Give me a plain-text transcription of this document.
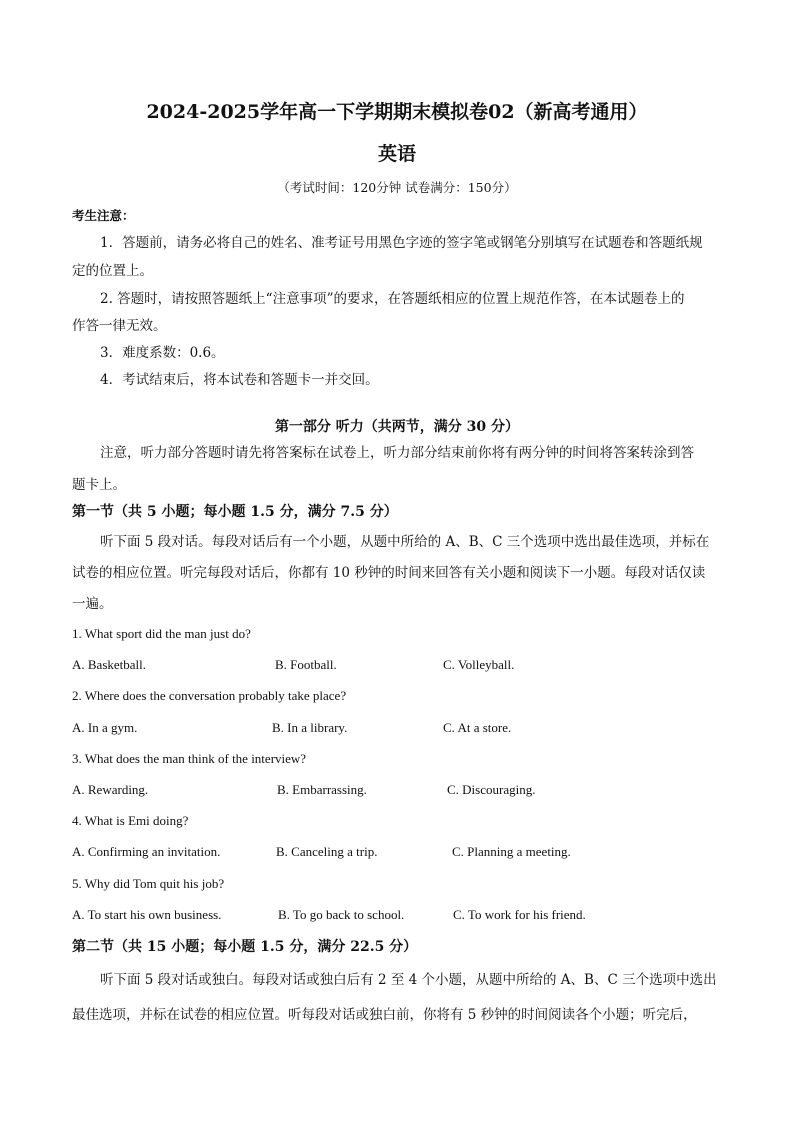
2024-2025学年高一下学期期末模拟卷02（新高考通用）
英语
（考试时间：120分钟 试卷满分：150分）
考生注意：
1．答题前，请务必将自己的姓名、准考证号用黑色字迹的签字笔或钢笔分别填写在试题卷和答题纸规
定的位置上。
2. 答题时，请按照答题纸上“注意事项”的要求，在答题纸相应的位置上规范作答，在本试题卷上的
作答一律无效。
3．难度系数：0.6。
4．考试结束后，将本试卷和答题卡一并交回。
第一部分 听力（共两节，满分 30 分）
注意，听力部分答题时请先将答案标在试卷上，听力部分结束前你将有两分钟的时间将答案转涂到答
题卡上。
第一节（共 5 小题；每小题 1.5 分，满分 7.5 分）
听下面 5 段对话。每段对话后有一个小题，从题中所给的 A、B、C 三个选项中选出最佳选项，并标在
试卷的相应位置。听完每段对话后，你都有 10 秒钟的时间来回答有关小题和阅读下一小题。每段对话仅读
一遍。
1. What sport did the man just do?
A. Basketball.	B. Football.	C. Volleyball.
2. Where does the conversation probably take place?
A. In a gym.	B. In a library.	C. At a store.
3. What does the man think of the interview?
A. Rewarding.	B. Embarrassing.	C. Discouraging.
4. What is Emi doing?
A. Confirming an invitation.	B. Canceling a trip.	C. Planning a meeting.
5. Why did Tom quit his job?
A. To start his own business.	B. To go back to school.	C. To work for his friend.
第二节（共 15 小题；每小题 1.5 分，满分 22.5 分）
听下面 5 段对话或独白。每段对话或独白后有 2 至 4 个小题，从题中所给的 A、B、C 三个选项中选出
最佳选项，并标在试卷的相应位置。听每段对话或独白前，你将有 5 秒钟的时间阅读各个小题；听完后，
